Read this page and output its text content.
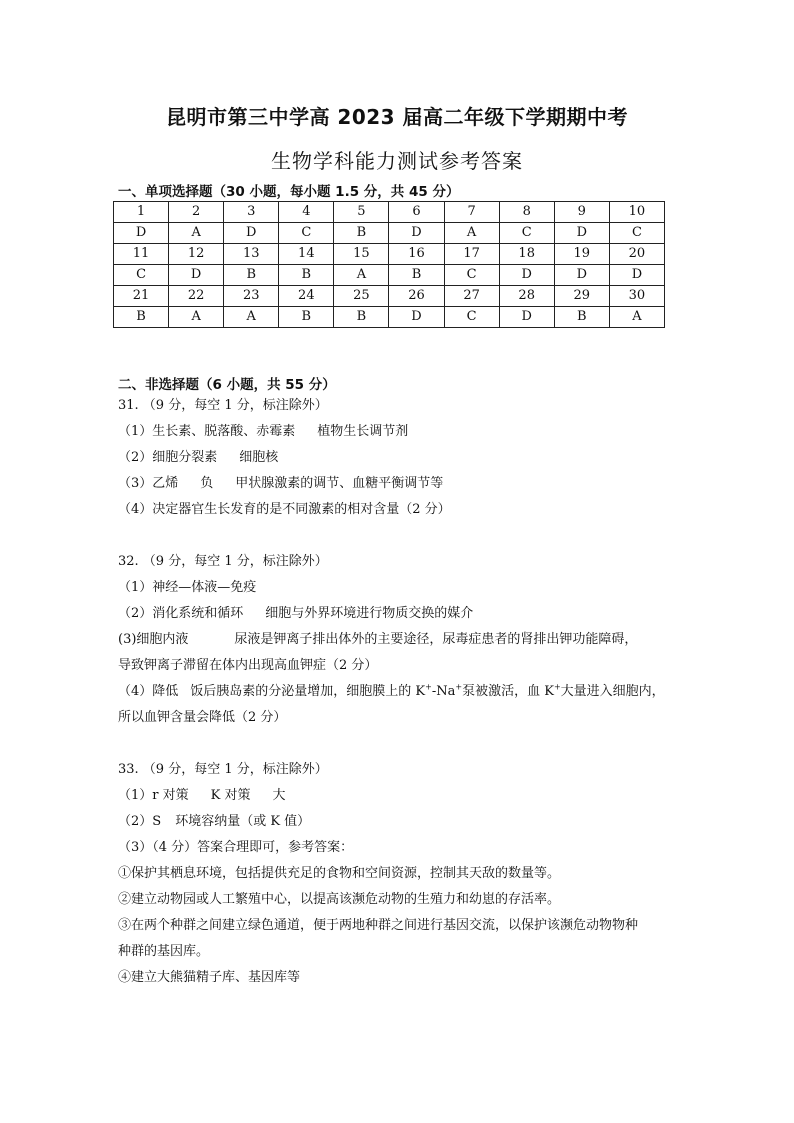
昆明市第三中学高 2023 届高二年级下学期期中考
生物学科能力测试参考答案
一、单项选择题（30 小题，每小题 1.5 分，共 45 分）
1	2	3	4	5	6	7	8	9	10
D	A	D	C	B	D	A	C	D	C
11	12	13	14	15	16	17	18	19	20
C	D	B	B	A	B	C	D	D	D
21	22	23	24	25	26	27	28	29	30
B	A	A	B	B	D	C	D	B	A
二、非选择题（6 小题，共 55 分）
31. （9 分，每空 1 分，标注除外）
（1）生长素、脱落酸、赤霉素 植物生长调节剂
（2）细胞分裂素 细胞核
（3）乙烯 负 甲状腺激素的调节、血糖平衡调节等
（4）决定器官生长发育的是不同激素的相对含量（2 分）
32. （9 分，每空 1 分，标注除外）
（1）神经—体液—免疫
（2）消化系统和循环 细胞与外界环境进行物质交换的媒介
(3)细胞内液	尿液是钾离子排出体外的主要途径，尿毒症患者的肾排出钾功能障碍，
导致钾离子滞留在体内出现高血钾症（2 分）
（4）降低 饭后胰岛素的分泌量增加，细胞膜上的 K+-Na+泵被激活，血 K+大量进入细胞内，
所以血钾含量会降低（2 分）
33. （9 分，每空 1 分，标注除外）
（1）r 对策 K 对策 大
（2）S 环境容纳量（或 K 值）
（3）（4 分）答案合理即可，参考答案：
①保护其栖息环境，包括提供充足的食物和空间资源，控制其天敌的数量等。
②建立动物园或人工繁殖中心，以提高该濒危动物的生殖力和幼崽的存活率。
③在两个种群之间建立绿色通道，便于两地种群之间进行基因交流，以保护该濒危动物物种
种群的基因库。
④建立大熊猫精子库、基因库等
